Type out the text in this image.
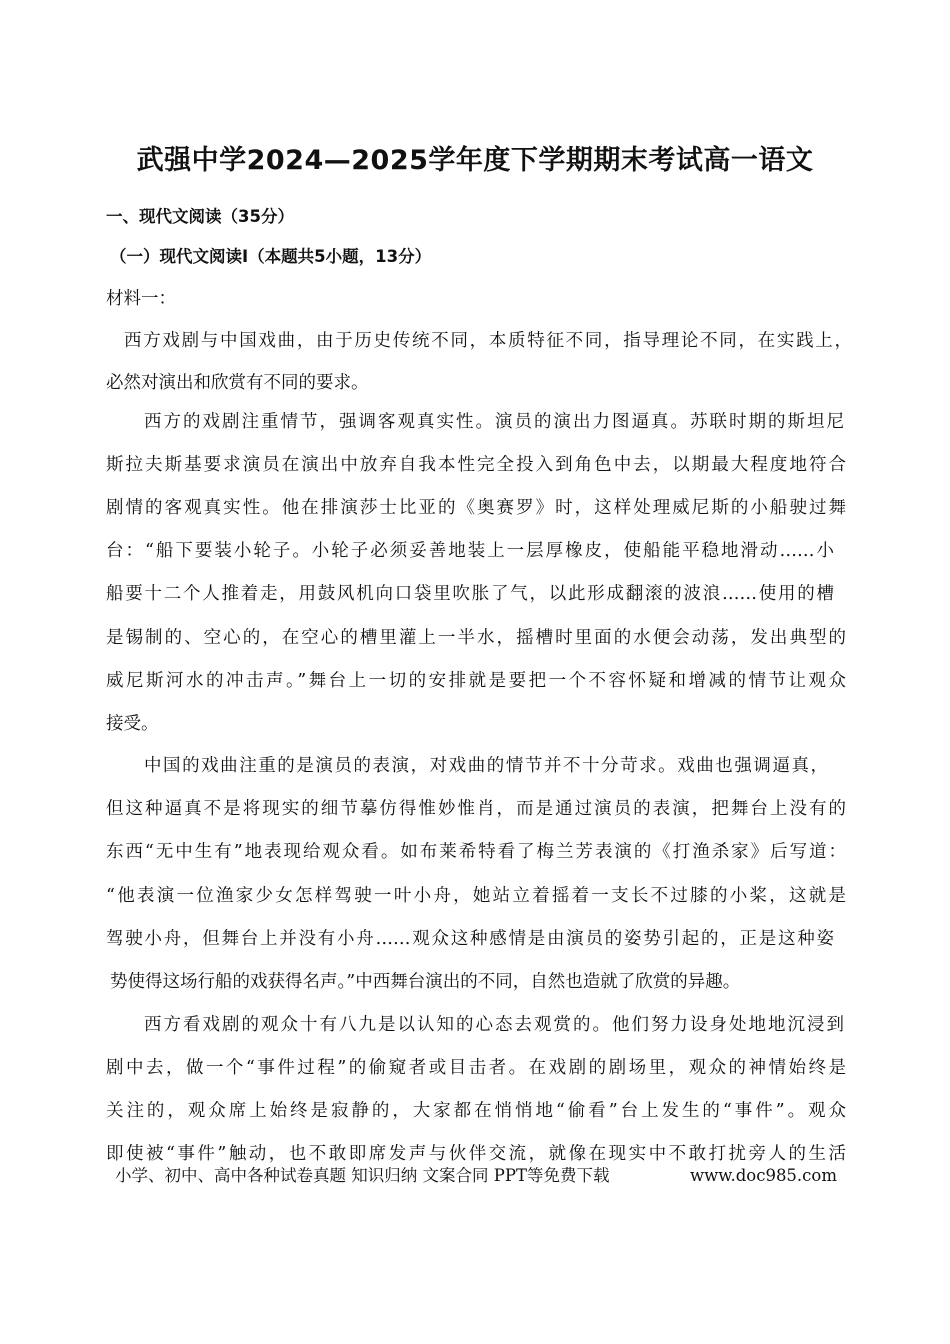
武强中学2024—2025学年度下学期期末考试高一语文
一、现代文阅读（35分）
（一）现代文阅读Ⅰ（本题共5小题，13分）
材料一：
西方戏剧与中国戏曲，由于历史传统不同，本质特征不同，指导理论不同，在实践上，
必然对演出和欣赏有不同的要求。
西方的戏剧注重情节，强调客观真实性。演员的演出力图逼真。苏联时期的斯坦尼
斯拉夫斯基要求演员在演出中放弃自我本性完全投入到角色中去，以期最大程度地符合
剧情的客观真实性。他在排演莎士比亚的《奥赛罗》时，这样处理威尼斯的小船驶过舞
台：“船下要装小轮子。小轮子必须妥善地装上一层厚橡皮，使船能平稳地滑动……小
船要十二个人推着走，用鼓风机向口袋里吹胀了气，以此形成翻滚的波浪……使用的槽
是锡制的、空心的，在空心的槽里灌上一半水，摇槽时里面的水便会动荡，发出典型的
威尼斯河水的冲击声。”舞台上一切的安排就是要把一个不容怀疑和增减的情节让观众
接受。
中国的戏曲注重的是演员的表演，对戏曲的情节并不十分苛求。戏曲也强调逼真，
但这种逼真不是将现实的细节摹仿得惟妙惟肖，而是通过演员的表演，把舞台上没有的
东西“无中生有”地表现给观众看。如布莱希特看了梅兰芳表演的《打渔杀家》后写道：
“他表演一位渔家少女怎样驾驶一叶小舟，她站立着摇着一支长不过膝的小桨，这就是
驾驶小舟，但舞台上并没有小舟……观众这种感情是由演员的姿势引起的，正是这种姿
势使得这场行船的戏获得名声。”中西舞台演出的不同，自然也造就了欣赏的异趣。
西方看戏剧的观众十有八九是以认知的心态去观赏的。他们努力设身处地地沉浸到
剧中去，做一个“事件过程”的偷窥者或目击者。在戏剧的剧场里，观众的神情始终是
关注的，观众席上始终是寂静的，大家都在悄悄地“偷看”台上发生的“事件”。观众
即使被“事件”触动，也不敢即席发声与伙伴交流，就像在现实中不敢打扰旁人的生活
小学、初中、高中各种试卷真题 知识归纳 文案合同 PPT等免费下载	www.doc985.com
